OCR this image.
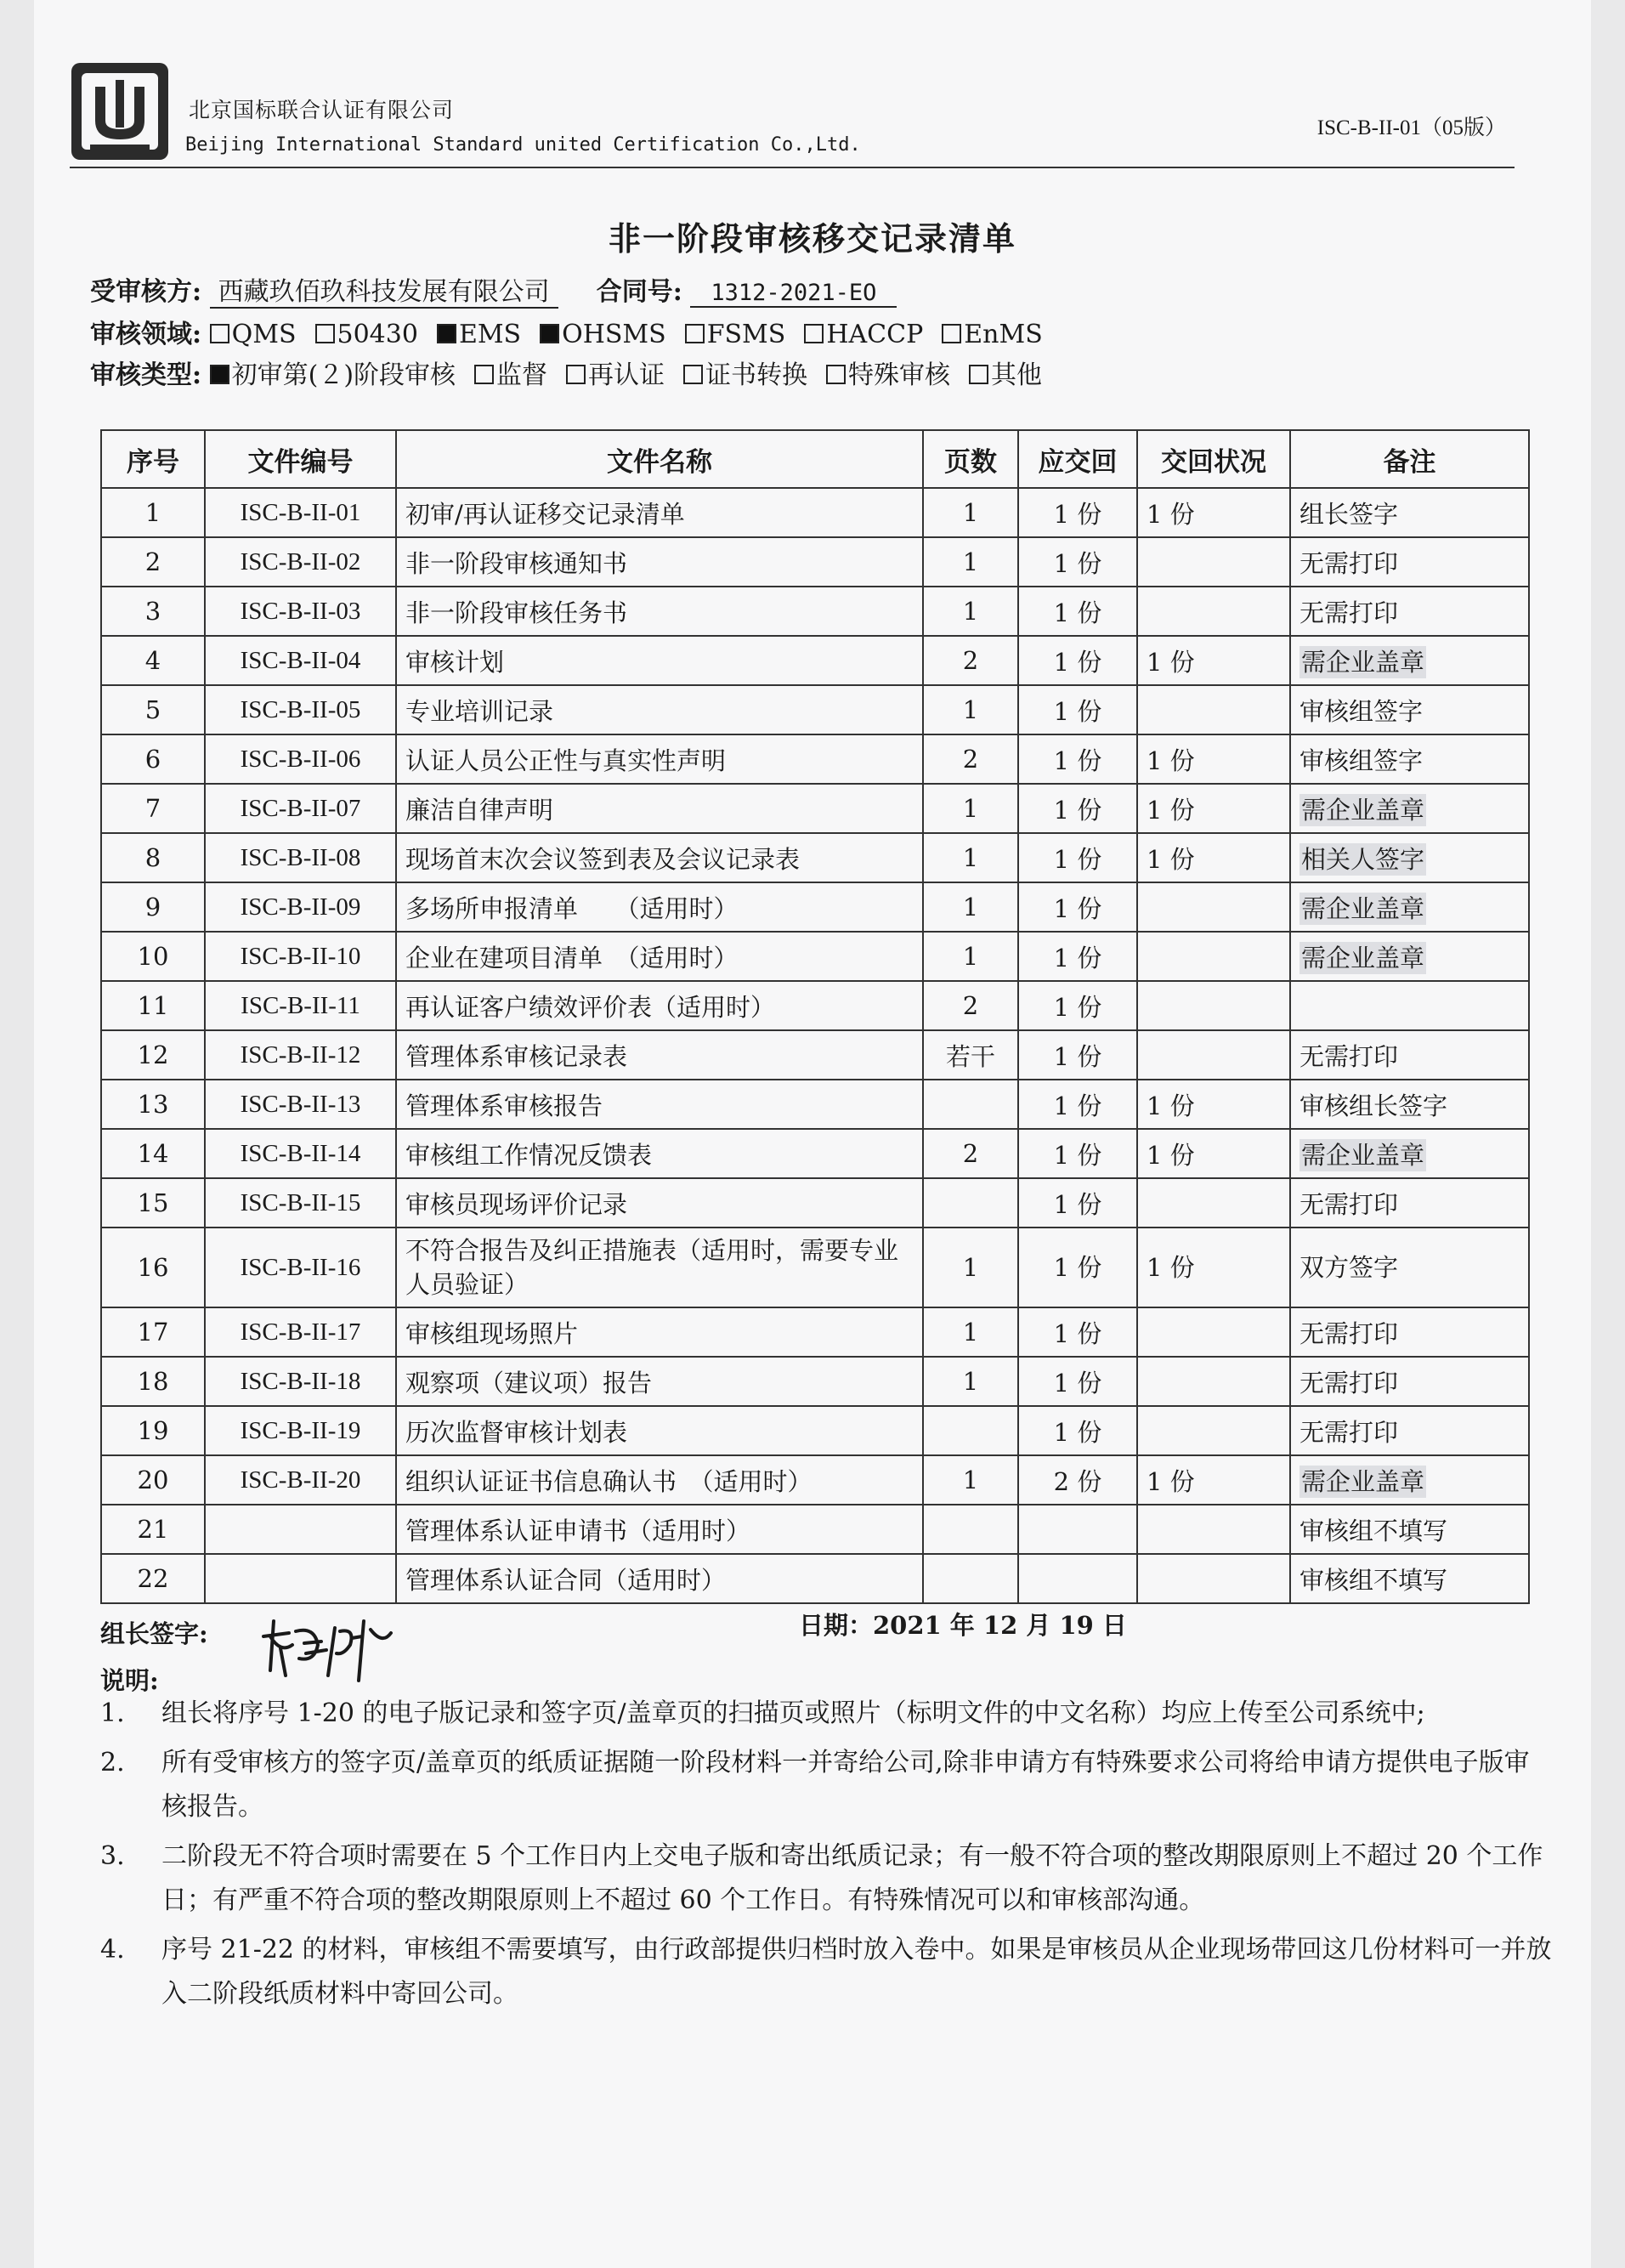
北京国标联合认证有限公司
Beijing International Standard united Certification Co.,Ltd.
ISC-B-II-01（05版）
非一阶段审核移交记录清单
受审核方: 西藏玖佰玖科技发展有限公司 合同号: 1312-2021-EO
审核领域: QMS 50430 EMS OHSMS FSMS HACCP EnMS
审核类型: 初审第(２)阶段审核 监督 再认证 证书转换 特殊审核 其他
序号	文件编号	文件名称	页数	应交回	交回状况	备注
1	ISC-B-II-01	初审/再认证移交记录清单	1	1 份	1 份	组长签字
2	ISC-B-II-02	非一阶段审核通知书	1	1 份		无需打印
3	ISC-B-II-03	非一阶段审核任务书	1	1 份		无需打印
4	ISC-B-II-04	审核计划	2	1 份	1 份	需企业盖章
5	ISC-B-II-05	专业培训记录	1	1 份		审核组签字
6	ISC-B-II-06	认证人员公正性与真实性声明	2	1 份	1 份	审核组签字
7	ISC-B-II-07	廉洁自律声明	1	1 份	1 份	需企业盖章
8	ISC-B-II-08	现场首末次会议签到表及会议记录表	1	1 份	1 份	相关人签字
9	ISC-B-II-09	多场所申报清单　　（适用时）	1	1 份		需企业盖章
10	ISC-B-II-10	企业在建项目清单　（适用时）	1	1 份		需企业盖章
11	ISC-B-II-11	再认证客户绩效评价表（适用时）	2	1 份		
12	ISC-B-II-12	管理体系审核记录表	若干	1 份		无需打印
13	ISC-B-II-13	管理体系审核报告		1 份	1 份	审核组长签字
14	ISC-B-II-14	审核组工作情况反馈表	2	1 份	1 份	需企业盖章
15	ISC-B-II-15	审核员现场评价记录		1 份		无需打印
16	ISC-B-II-16	不符合报告及纠正措施表（适用时，需要专业人员验证）	1	1 份	1 份	双方签字
17	ISC-B-II-17	审核组现场照片	1	1 份		无需打印
18	ISC-B-II-18	观察项（建议项）报告	1	1 份		无需打印
19	ISC-B-II-19	历次监督审核计划表		1 份		无需打印
20	ISC-B-II-20	组织认证证书信息确认书　（适用时）	1	2 份	1 份	需企业盖章
21		管理体系认证申请书（适用时）				审核组不填写
22		管理体系认证合同（适用时）				审核组不填写
组长签字:	日期：2021 年 12 月 19 日
说明:
1. 组长将序号 1-20 的电子版记录和签字页/盖章页的扫描页或照片（标明文件的中文名称）均应上传至公司系统中;
2. 所有受审核方的签字页/盖章页的纸质证据随一阶段材料一并寄给公司,除非申请方有特殊要求公司将给申请方提供电子版审核报告。
3. 二阶段无不符合项时需要在 5 个工作日内上交电子版和寄出纸质记录；有一般不符合项的整改期限原则上不超过 20 个工作日；有严重不符合项的整改期限原则上不超过 60 个工作日。有特殊情况可以和审核部沟通。
4. 序号 21-22 的材料，审核组不需要填写，由行政部提供归档时放入卷中。如果是审核员从企业现场带回这几份材料可一并放入二阶段纸质材料中寄回公司。
